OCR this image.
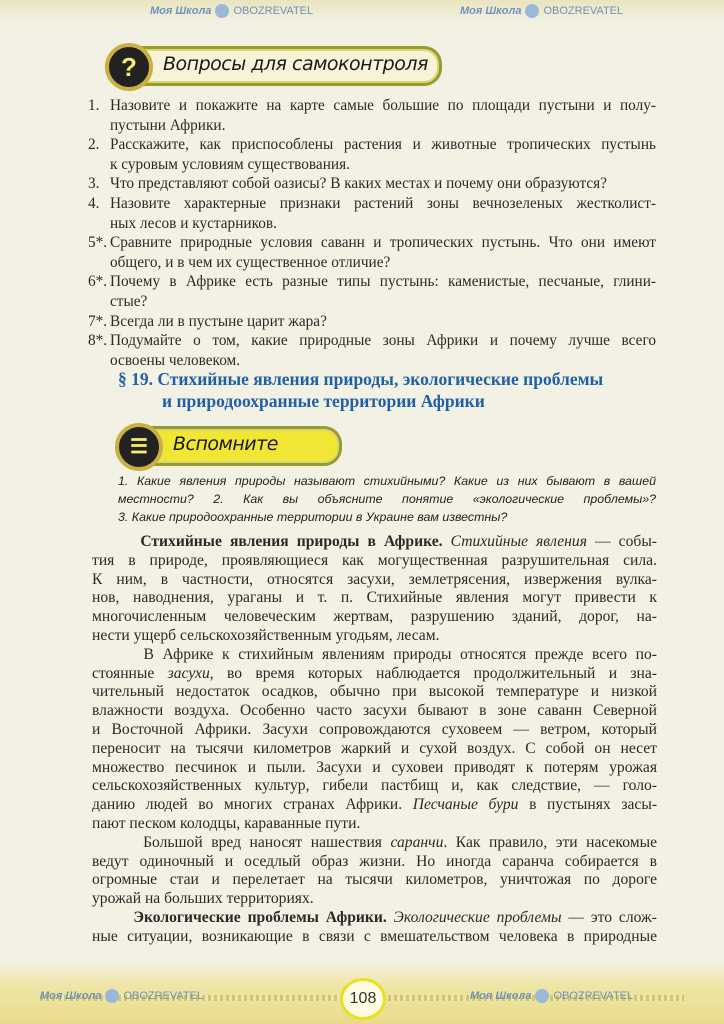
?	Вопросы для самоконтроля
1. Назовите и покажите на карте самые большие по площади пустыни и полу-
пустыни Африки.
2. Расскажите, как приспособлены растения и животные тропических пустынь
к суровым условиям существования.
3. Что представляют собой оазисы? В каких местах и почему они образуются?
4. Назовите характерные признаки растений зоны вечнозеленых жестколист-
ных лесов и кустарников.
5*. Сравните природные условия саванн и тропических пустынь. Что они имеют
общего, и в чем их существенное отличие?
6*. Почему в Африке есть разные типы пустынь: каменистые, песчаные, глини-
стые?
7*. Всегда ли в пустыне царит жара?
8*. Подумайте о том, какие природные зоны Африки и почему лучше всего
освоены человеком.
§ 19. Стихийные явления природы, экологические проблемы
и природоохранные территории Африки
☰	Вспомните
1. Какие явления природы называют стихийными? Какие из них бывают в вашей
местности? 2. Как вы объясните понятие «экологические проблемы»?
3. Какие природоохранные территории в Украине вам известны?
Стихийные явления природы в Африке. Стихийные явления — собы-
тия в природе, проявляющиеся как могущественная разрушительная сила.
К ним, в частности, относятся засухи, землетрясения, извержения вулка-
нов, наводнения, ураганы и т. п. Стихийные явления могут привести к
многочисленным человеческим жертвам, разрушению зданий, дорог, на-
нести ущерб сельскохозяйственным угодьям, лесам.
В Африке к стихийным явлениям природы относятся прежде всего по-
стоянные засухи, во время которых наблюдается продолжительный и зна-
чительный недостаток осадков, обычно при высокой температуре и низкой
влажности воздуха. Особенно часто засухи бывают в зоне саванн Северной
и Восточной Африки. Засухи сопровождаются суховеем — ветром, который
переносит на тысячи километров жаркий и сухой воздух. С собой он несет
множество песчинок и пыли. Засухи и суховеи приводят к потерям урожая
сельскохозяйственных культур, гибели пастбищ и, как следствие, — голо-
данию людей во многих странах Африки. Песчаные бури в пустынях засы-
пают песком колодцы, караванные пути.
Большой вред наносят нашествия саранчи. Как правило, эти насекомые
ведут одиночный и оседлый образ жизни. Но иногда саранча собирается в
огромные стаи и перелетает на тысячи километров, уничтожая по дороге
урожай на больших территориях.
Экологические проблемы Африки. Экологические проблемы — это слож-
ные ситуации, возникающие в связи с вмешательством человека в природные
108
Моя Школа OBOZREVATEL	Моя Школа OBOZREVATEL
Моя Школа OBOZREVATEL	Моя Школа OBOZREVATEL
